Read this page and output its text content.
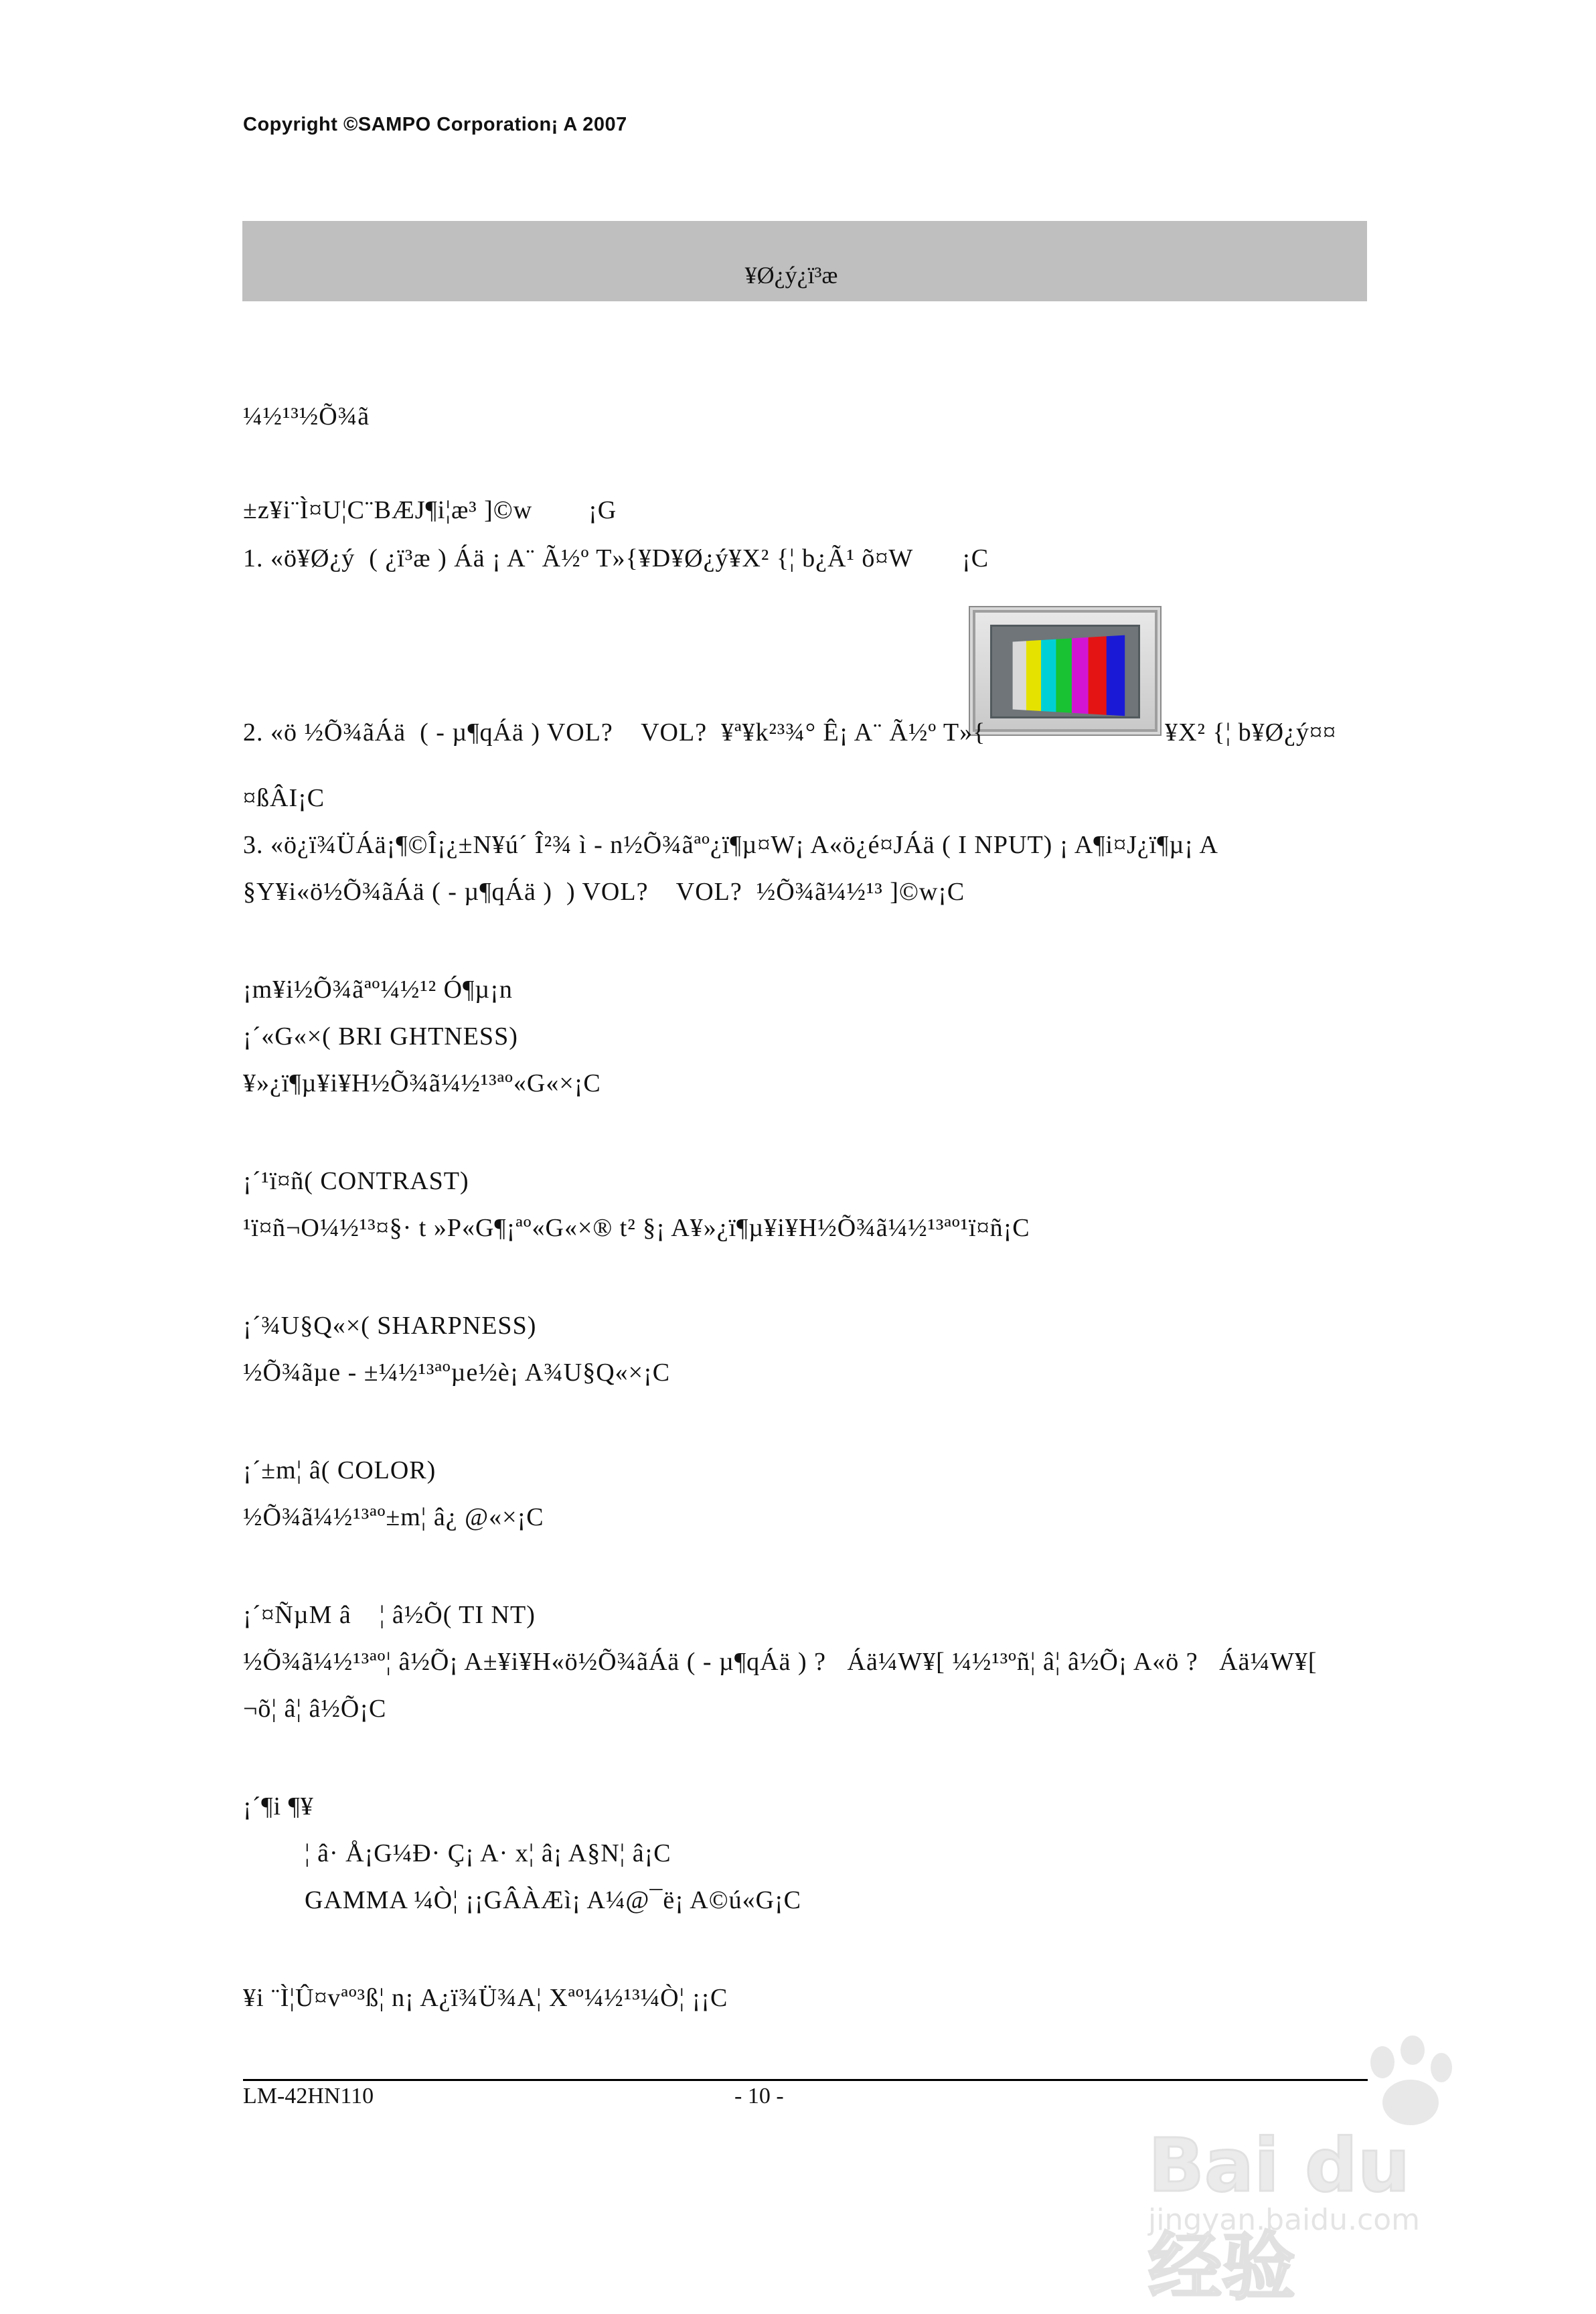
Copyright ©SAMPO Corporation¡ A 2007
¥Ø¿ý¿ï³æ
¼½¹³½Õ¾ã
±z¥i¨Ì¤U¦C¨BÆJ¶i¦æ³ ]©w        ¡G
1. «ö¥Ø¿ý  ( ¿ï³æ ) Áä ¡ A¨ Ã½º T»{¥D¥Ø¿ý¥X² {¦ b¿Ã¹ õ¤W       ¡C
2. «ö ½Õ¾ãÁä  ( - µ¶qÁä ) VOL?    VOL?  ¥ª¥k²³¾° Ê¡ A¨ Ã½º T»{	¥X² {¦ b¥Ø¿ý¤¤
¤ßÂI¡C
3. «ö¿ï¾ÜÁä¡¶©Î¡¿±N¥ú´ Î²¾ ì - n½Õ¾ãªº¿ï¶µ¤W¡ A«ö¿é¤JÁä ( I NPUT) ¡ A¶i¤J¿ï¶µ¡ A
§Y¥i«ö½Õ¾ãÁä ( - µ¶qÁä )  ) VOL?    VOL?  ½Õ¾ã¼½¹³ ]©w¡C
¡m¥i½Õ¾ãªº¼½¹² Ó¶µ¡n
¡´«G«×( BRI GHTNESS)
¥»¿ï¶µ¥i¥H½Õ¾ã¼½¹³ªº«G«×¡C
¡´¹ï¤ñ( CONTRAST)
¹ï¤ñ¬O¼½¹³¤§· t »P«G¶¡ªº«G«×® t² §¡ A¥»¿ï¶µ¥i¥H½Õ¾ã¼½¹³ªº¹ï¤ñ¡C
¡´¾U§Q«×( SHARPNESS)
½Õ¾ãµe - ±¼½¹³ªºµe½è¡ A¾U§Q«×¡C
¡´±m¦ â( COLOR)
½Õ¾ã¼½¹³ªº±m¦ â¿ @«×¡C
¡´¤ÑµM â    ¦ â½Õ( TI NT)
½Õ¾ã¼½¹³ªº¦ â½Õ¡ A±¥i¥H«ö½Õ¾ãÁä ( - µ¶qÁä ) ?   Áä¼W¥[ ¼½¹³ºñ¦ â¦ â½Õ¡ A«ö ?   Áä¼W¥[
¬õ¦ â¦ â½Õ¡C
¡´¶i ¶¥
¦ â· Å¡G¼Ð· Ç¡ A· x¦ â¡ A§N¦ â¡C
GAMMA ¼Ò¦ ¡¡GÂÀÆì¡ A¼@¯ë¡ A©ú«G¡C
¥i ¨Ì¦Û¤vªº³ß¦ n¡ A¿ï¾Ü¾A¦ Xªº¼½¹³¼Ò¦ ¡¡C
LM-42HN110	- 10 -
Bai du 经验
jingyan.baidu.com
